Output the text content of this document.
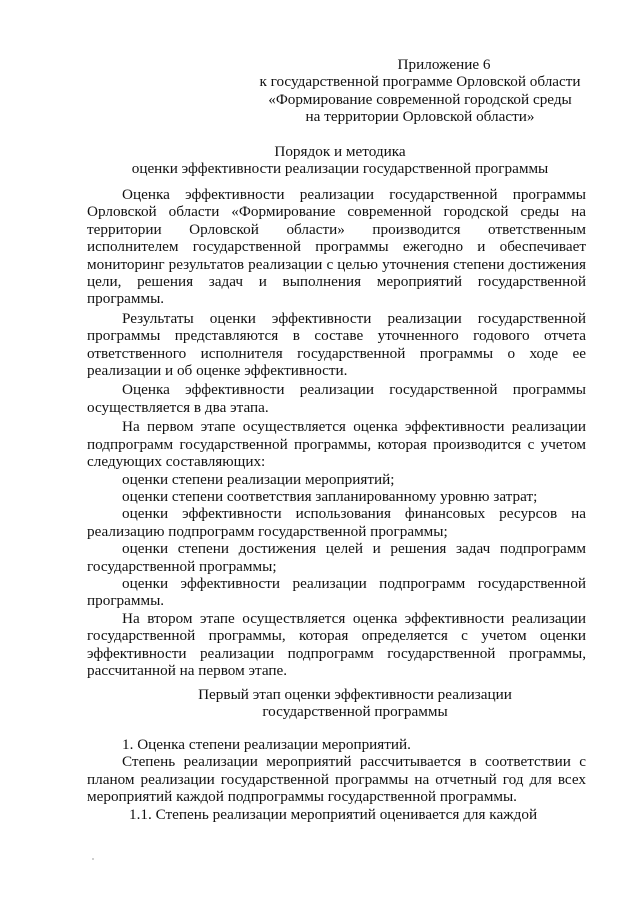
Приложение 6
к государственной программе Орловской области
«Формирование современной городской среды
на территории Орловской области»
Порядок и методика
оценки эффективности реализации государственной программы

Оценка эффективности реализации государственной программы Орловской области «Формирование современной городской среды на территории Орловской области» производится ответственным исполнителем государственной программы ежегодно и обеспечивает мониторинг результатов реализации с целью уточнения степени достижения цели, решения задач и выполнения мероприятий государственной программы.

Результаты оценки эффективности реализации государственной программы представляются в составе уточненного годового отчета ответственного исполнителя государственной программы о ходе ее реализации и об оценке эффективности.

Оценка эффективности реализации государственной программы осуществляется в два этапа.

На первом этапе осуществляется оценка эффективности реализации подпрограмм государственной программы, которая производится с учетом следующих составляющих:

оценки степени реализации мероприятий;

оценки степени соответствия запланированному уровню затрат;

оценки эффективности использования финансовых ресурсов на реализацию подпрограмм государственной программы;

оценки степени достижения целей и решения задач подпрограмм государственной программы;

оценки эффективности реализации подпрограмм государственной программы.

На втором этапе осуществляется оценка эффективности реализации государственной программы, которая определяется с учетом оценки эффективности реализации подпрограмм государственной программы, рассчитанной на первом этапе.

Первый этап оценки эффективности реализации
государственной программы

1. Оценка степени реализации мероприятий.

Степень реализации мероприятий рассчитывается в соответствии с планом реализации государственной программы на отчетный год для всех мероприятий каждой подпрограммы государственной программы.

1.1. Степень реализации мероприятий оценивается для каждой
